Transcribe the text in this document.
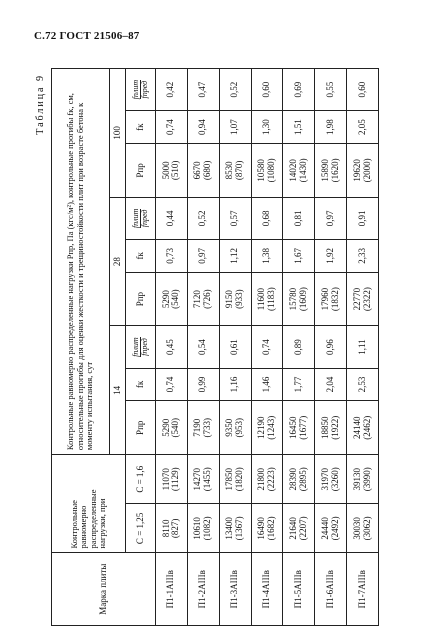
С.72 ГОСТ 21506–87
Таблица 9
Марка плиты	Контрольные равномерно распределенные нагрузки, при		Контрольные равномерно распределенные нагрузки Рпр, Па (кгс/м²), контрольные прогибы fк, см, относительные прогибы для оценки жесткости и трещиностойкости плит при возрасте бетона к моменту испытания, сут								
			14			28			100		
	С = 1,25	С = 1,6	Pпр	fк	fплит fпред	Pпр	fк	fплит fпред	Pпр	fк	fплит fпред

П1-1АIIIв	8110 (827)	11070 (1129)	5290 (540)	0,74	0,45	5290 (540)	0,73	0,44	5000 (510)	0,74	0,42
П1-2АIIIв	10610 (1082)	14270 (1455)	7190 (733)	0,99	0,54	7120 (726)	0,97	0,52	6670 (680)	0,94	0,47
П1-3АIIIв	13400 (1367)	17850 (1820)	9350 (953)	1,16	0,61	9150 (933)	1,12	0,57	8530 (870)	1,07	0,52
П1-4АIIIв	16490 (1682)	21800 (2223)	12190 (1243)	1,46	0,74	11600 (1183)	1,38	0,68	10580 (1080)	1,30	0,60
П1-5АIIIв	21640 (2207)	28390 (2895)	16450 (1677)	1,77	0,89	15780 (1609)	1,67	0,81	14020 (1430)	1,51	0,69
П1-6АIIIв	24440 (2492)	31970 (3260)	18850 (1922)	2,04	0,96	17960 (1832)	1,92	0,97	15890 (1620)	1,98	0,55
П1-7АIIIв	30030 (3062)	39130 (3990)	24140 (2462)	2,53	1,11	22770 (2322)	2,33	0,91	19620 (2000)	2,05	0,60
